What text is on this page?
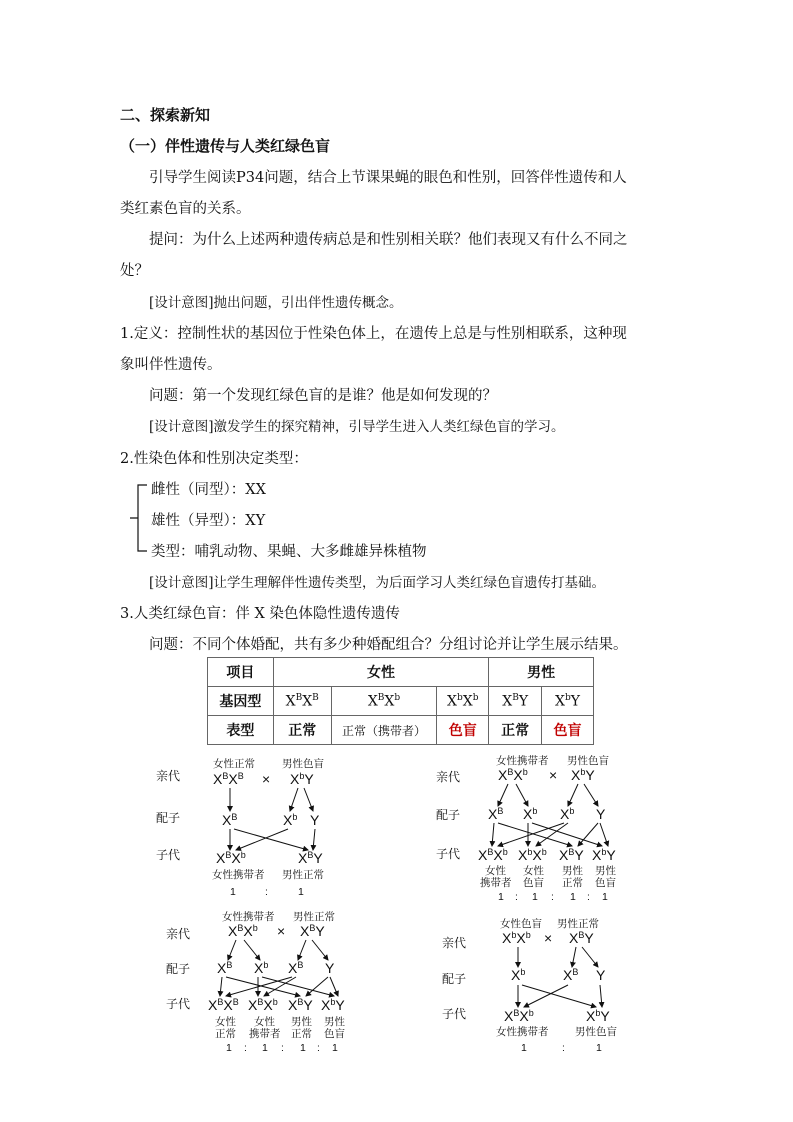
二、探索新知
（一）伴性遗传与人类红绿色盲
引导学生阅读P34问题，结合上节课果蝇的眼色和性别，回答伴性遗传和人
类红素色盲的关系。
提问：为什么上述两种遗传病总是和性别相关联？他们表现又有什么不同之
处？
[设计意图]抛出问题，引出伴性遗传概念。
1.定义：控制性状的基因位于性染色体上，在遗传上总是与性别相联系，这种现
象叫伴性遗传。
问题：第一个发现红绿色盲的是谁？他是如何发现的？
[设计意图]激发学生的探究精神，引导学生进入人类红绿色盲的学习。
2.性染色体和性别决定类型：
雌性（同型）：XX
雄性（异型）：XY
类型：哺乳动物、果蝇、大多雌雄异株植物
[设计意图]让学生理解伴性遗传类型，为后面学习人类红绿色盲遗传打基础。
3.人类红绿色盲：伴 X 染色体隐性遗传遗传
问题：不同个体婚配，共有多少种婚配组合？分组讨论并让学生展示结果。
项目	女性			男性	
基因型	$X^BX^B$	$X^BX^b$	$X^bX^b$	$X^BY$	$X^bY$
表型	正常	正常（携带者）	色盲	正常	色盲
亲代
配子
子代
女性正常	男性色盲
$X^BX^B \times X^bY$
$X^B$	$X^b$ Y
$X^BX^b$	$X^BY$
女性携带者 男性正常
1	:	1
亲代
配子
子代
女性携带者 男性色盲
$X^BX^b \times X^bY$
$X^B$ $X^b$ $X^b$ Y
$X^BX^b$ $X^bX^b$ $X^BY$ $X^bY$
女性
携带者
女性
色盲
男性
正常
男性
色盲
1 : 1 : 1 : 1
亲代
配子
子代
女性携带者 男性正常
$X^BX^b \times X^BY$
$X^B$ $X^b$ $X^B$ Y
$X^BX^B$ $X^BX^b$ $X^BY$ $X^bY$
女性
正常
女性
携带者
男性
正常
男性
色盲
1 : 1 : 1 : 1
亲代
配子
子代
女性色盲 男性正常
$X^bX^b \times X^BY$
$X^b$	$X^B$ Y
$X^BX^b$	$X^bY$
女性携带者	男性色盲
1	:	1
